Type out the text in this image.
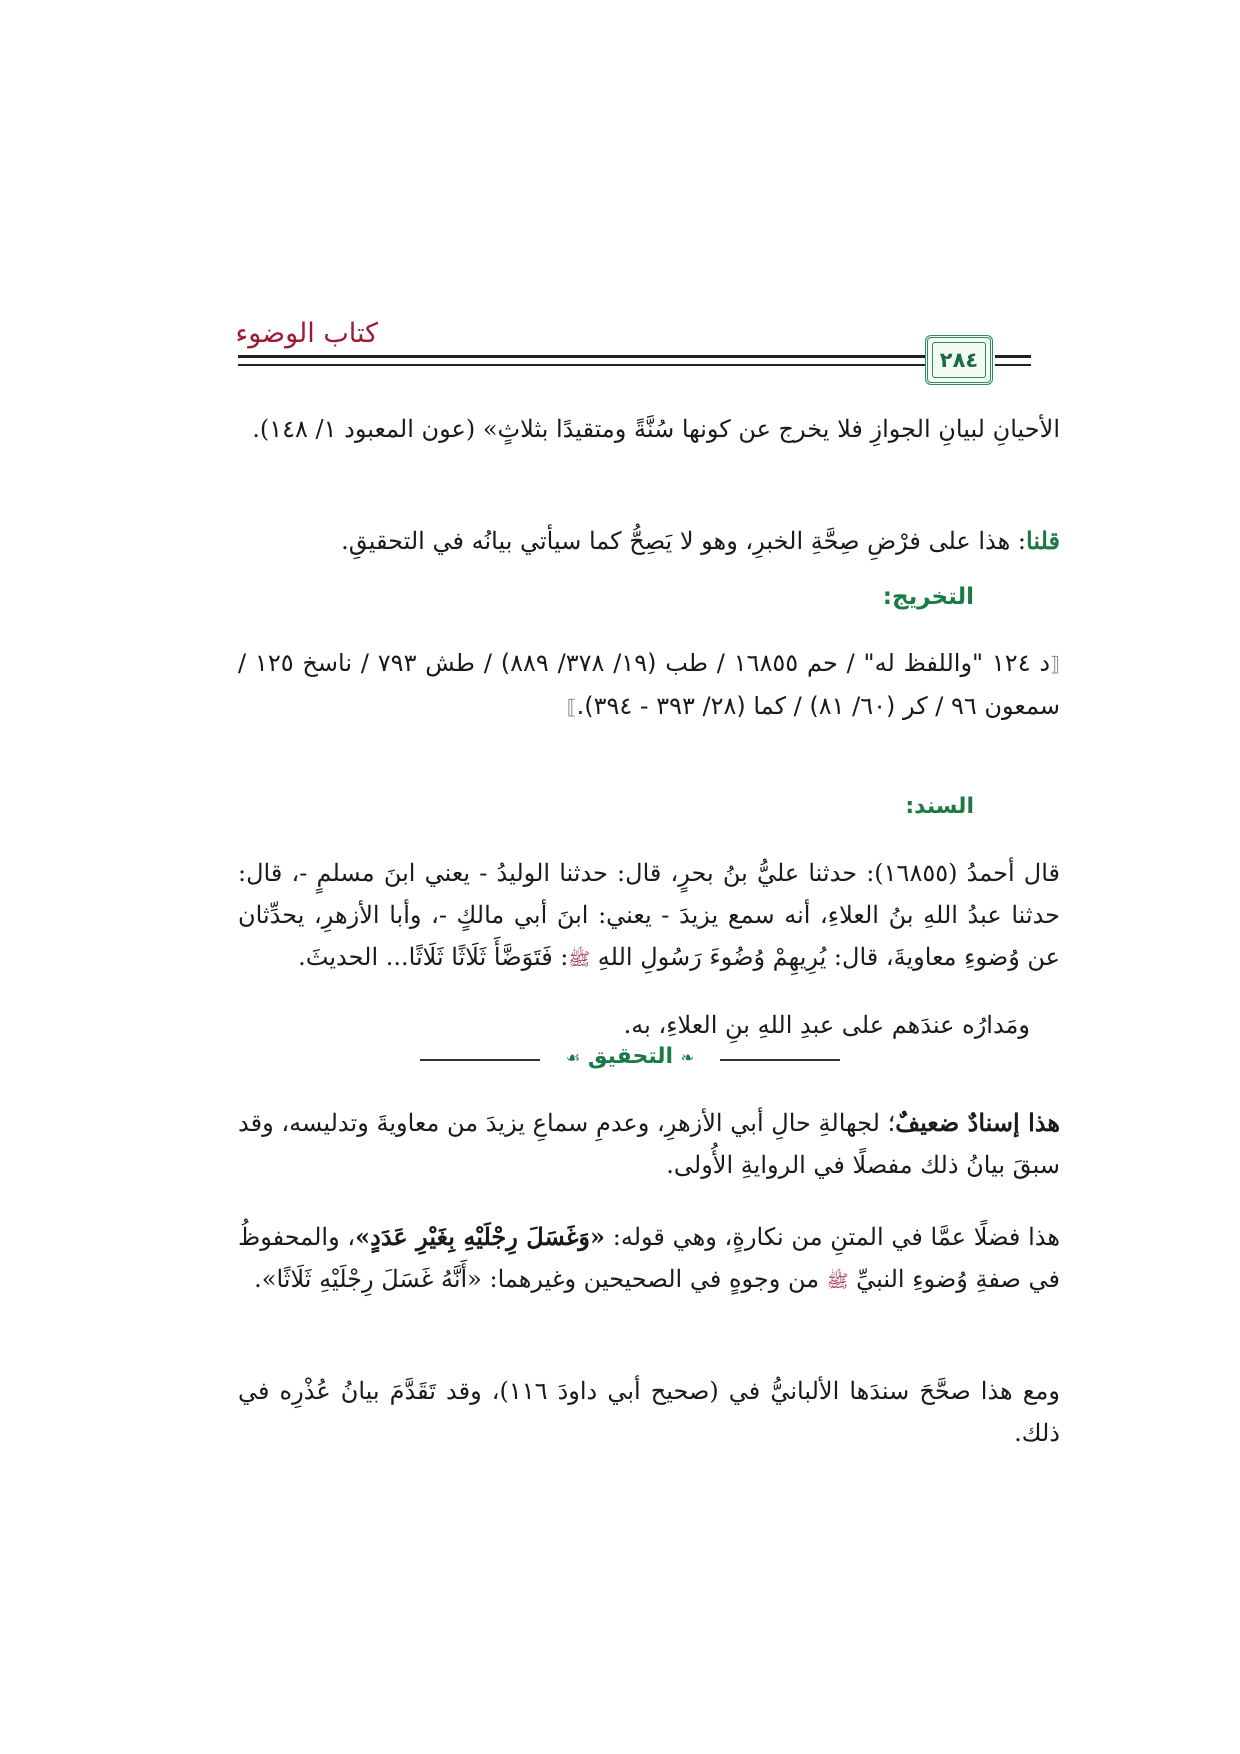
كتاب الوضوء
٢٨٤

الأحيانِ لبيانِ الجوازِ فلا يخرج عن كونها سُنَّةً ومتقيدًا بثلاثٍ» (عون المعبود ١/ ١٤٨).

قلنا: هذا على فرْضِ صِحَّةِ الخبرِ، وهو لا يَصِحُّ كما سيأتي بيانُه في التحقيقِ.

التخريج:

⟦د ١٢٤ "واللفظ له" / حم ١٦٨٥٥ / طب (١٩/ ٣٧٨/ ٨٨٩) / طش ٧٩٣ / ناسخ ١٢٥ / سمعون ٩٦ / كر (٦٠/ ٨١) / كما (٢٨/ ٣٩٣ - ٣٩٤).⟧

السند:

قال أحمدُ (١٦٨٥٥): حدثنا عليُّ بنُ بحرٍ، قال: حدثنا الوليدُ - يعني ابنَ مسلمٍ -، قال: حدثنا عبدُ اللهِ بنُ العلاءِ، أنه سمع يزيدَ - يعني: ابنَ أبي مالكٍ -، وأبا الأزهرِ، يحدِّثان عن وُضوءِ معاويةَ، قال: يُرِيهِمْ وُضُوءَ رَسُولِ اللهِ ﷺ: فَتَوَضَّأَ ثَلَاثًا ثَلَاثًا... الحديثَ.

ومَدارُه عندَهم على عبدِ اللهِ بنِ العلاءِ، به.

❧ التحقيق ☙

هذا إسنادٌ ضعيفٌ؛ لجهالةِ حالِ أبي الأزهرِ، وعدمِ سماعِ يزيدَ من معاويةَ وتدليسه، وقد سبقَ بيانُ ذلك مفصلًا في الروايةِ الأُولى.

هذا فضلًا عمَّا في المتنِ من نكارةٍ، وهي قوله: «وَغَسَلَ رِجْلَيْهِ بِغَيْرِ عَدَدٍ»، والمحفوظُ في صفةِ وُضوءِ النبيِّ ﷺ من وجوهٍ في الصحيحين وغيرهما: «أَنَّهُ غَسَلَ رِجْلَيْهِ ثَلَاثًا».

ومع هذا صحَّحَ سندَها الألبانيُّ في (صحيح أبي داودَ ١١٦)، وقد تَقَدَّمَ بيانُ عُذْرِه في ذلك.
